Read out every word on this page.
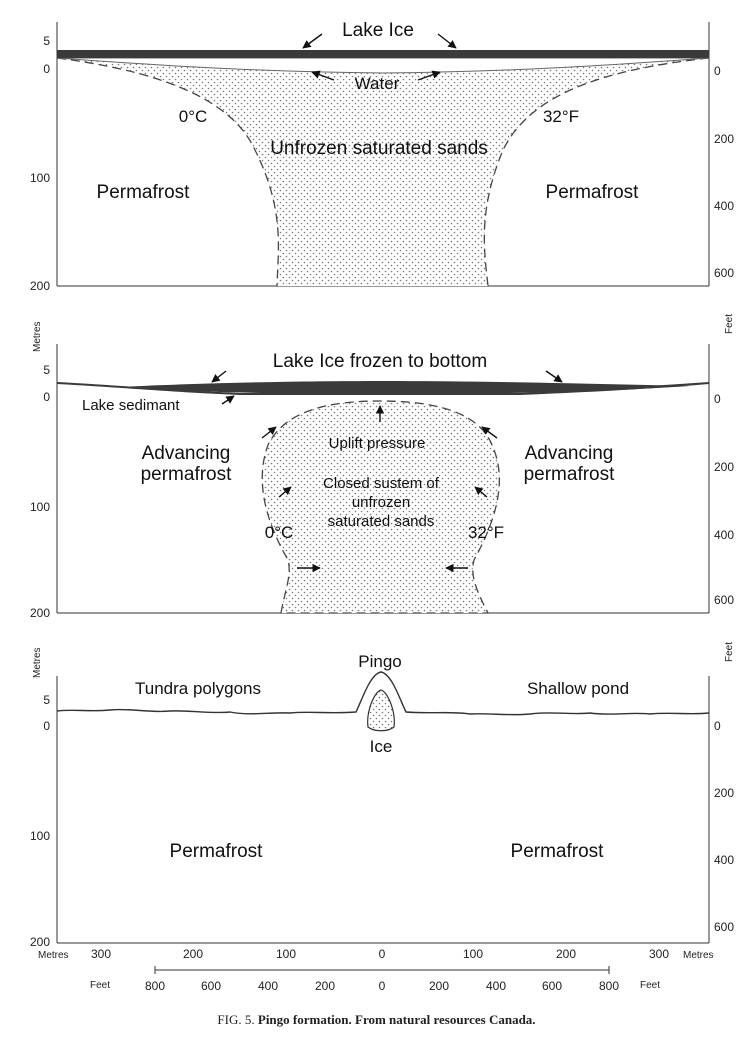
Lake Ice
Water
0°C	32°F
Unfrozen saturated sands
Permafrost	Permafrost
5
0
100
200
0
200
400
600
Metres	Feet
Lake Ice frozen to bottom
Lake sedimant
Advancing
permafrost
Advancing
permafrost
Uplift pressure
Closed sustem of
unfrozen
saturated sands
0°C	32°F
5
0
100
200
0
200
400
600
Metres	Feet
Pingo
Tundra polygons	Shallow pond
Ice
Permafrost	Permafrost
5
0
100
200
0
200
400
600
Metres	Metres
300	200	100	0	100	200	300
Feet	Feet
800	600	400	200	0	200	400	600	800
FIG. 5. Pingo formation. From natural resources Canada.
